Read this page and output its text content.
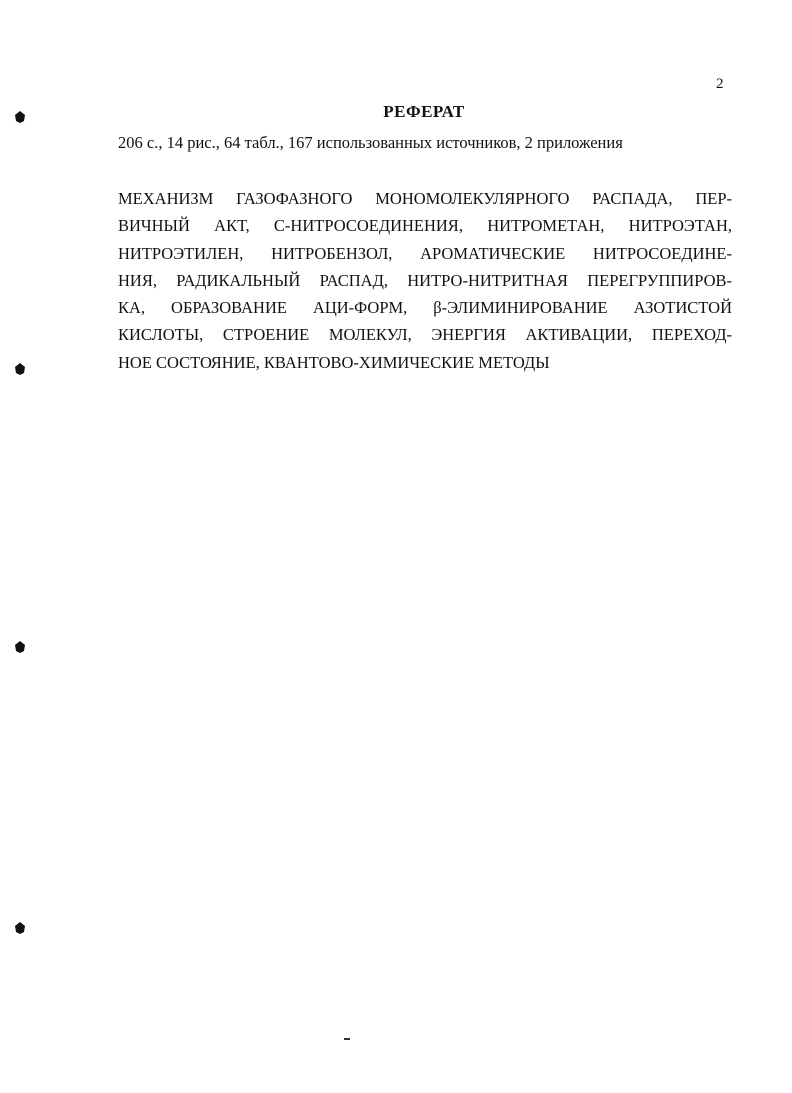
2
РЕФЕРАТ
206 с., 14 рис., 64 табл., 167 использованных источников, 2 приложения
МЕХАНИЗМ ГАЗОФАЗНОГО МОНОМОЛЕКУЛЯРНОГО РАСПАДА, ПЕР-
ВИЧНЫЙ АКТ, С-НИТРОСОЕДИНЕНИЯ, НИТРОМЕТАН, НИТРОЭТАН,
НИТРОЭТИЛЕН, НИТРОБЕНЗОЛ, АРОМАТИЧЕСКИЕ НИТРОСОЕДИНЕ-
НИЯ, РАДИКАЛЬНЫЙ РАСПАД, НИТРО-НИТРИТНАЯ ПЕРЕГРУППИРОВ-
КА, ОБРАЗОВАНИЕ АЦИ-ФОРМ, β-ЭЛИМИНИРОВАНИЕ АЗОТИСТОЙ
КИСЛОТЫ, СТРОЕНИЕ МОЛЕКУЛ, ЭНЕРГИЯ АКТИВАЦИИ, ПЕРЕХОД-
НОЕ СОСТОЯНИЕ, КВАНТОВО-ХИМИЧЕСКИЕ МЕТОДЫ
